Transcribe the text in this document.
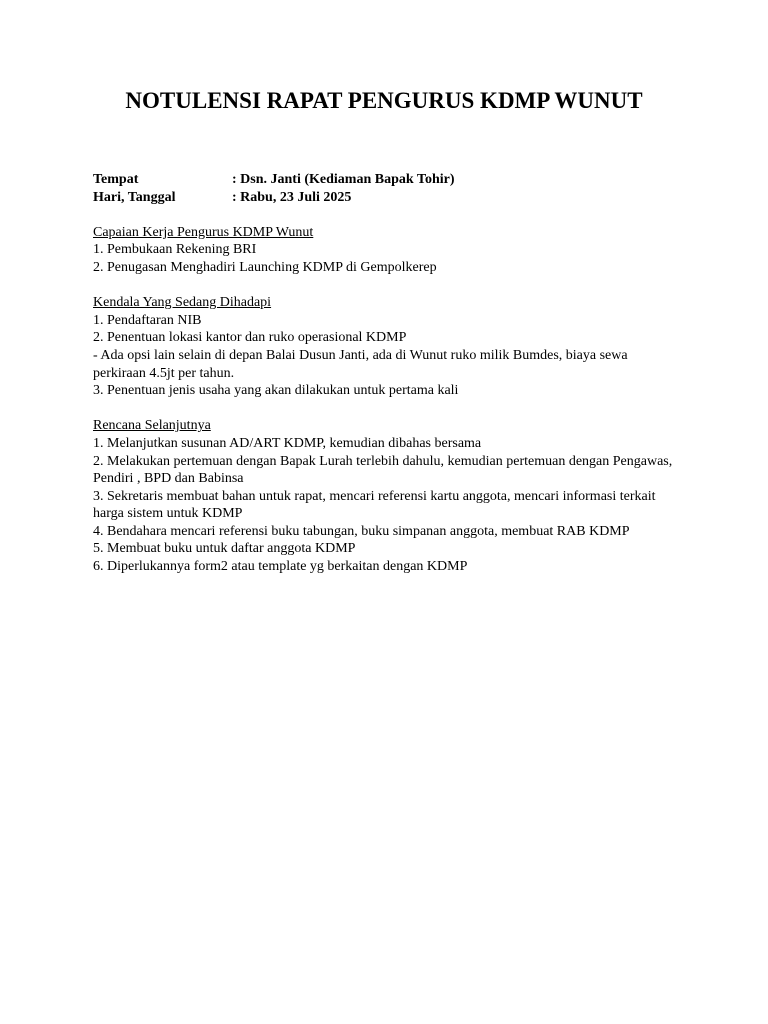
NOTULENSI RAPAT PENGURUS KDMP WUNUT
Tempat	: Dsn. Janti (Kediaman Bapak Tohir)
Hari, Tanggal	: Rabu, 23 Juli 2025
Capaian Kerja Pengurus KDMP Wunut
1. Pembukaan Rekening BRI
2. Penugasan Menghadiri Launching KDMP di Gempolkerep
Kendala Yang Sedang Dihadapi
1. Pendaftaran NIB
2. Penentuan lokasi kantor dan ruko operasional KDMP
- Ada opsi lain selain di depan Balai Dusun Janti, ada di Wunut ruko milik Bumdes, biaya sewa perkiraan 4.5jt per tahun.
3. Penentuan jenis usaha yang akan dilakukan untuk pertama kali
Rencana Selanjutnya
1. Melanjutkan susunan AD/ART KDMP, kemudian dibahas bersama
2. Melakukan pertemuan dengan Bapak Lurah terlebih dahulu, kemudian pertemuan dengan Pengawas, Pendiri , BPD dan Babinsa
3. Sekretaris membuat bahan untuk rapat, mencari referensi kartu anggota, mencari informasi terkait harga sistem untuk KDMP
4. Bendahara mencari referensi buku tabungan, buku simpanan anggota, membuat RAB KDMP
5. Membuat buku untuk daftar anggota KDMP
6. Diperlukannya form2 atau template yg berkaitan dengan KDMP
